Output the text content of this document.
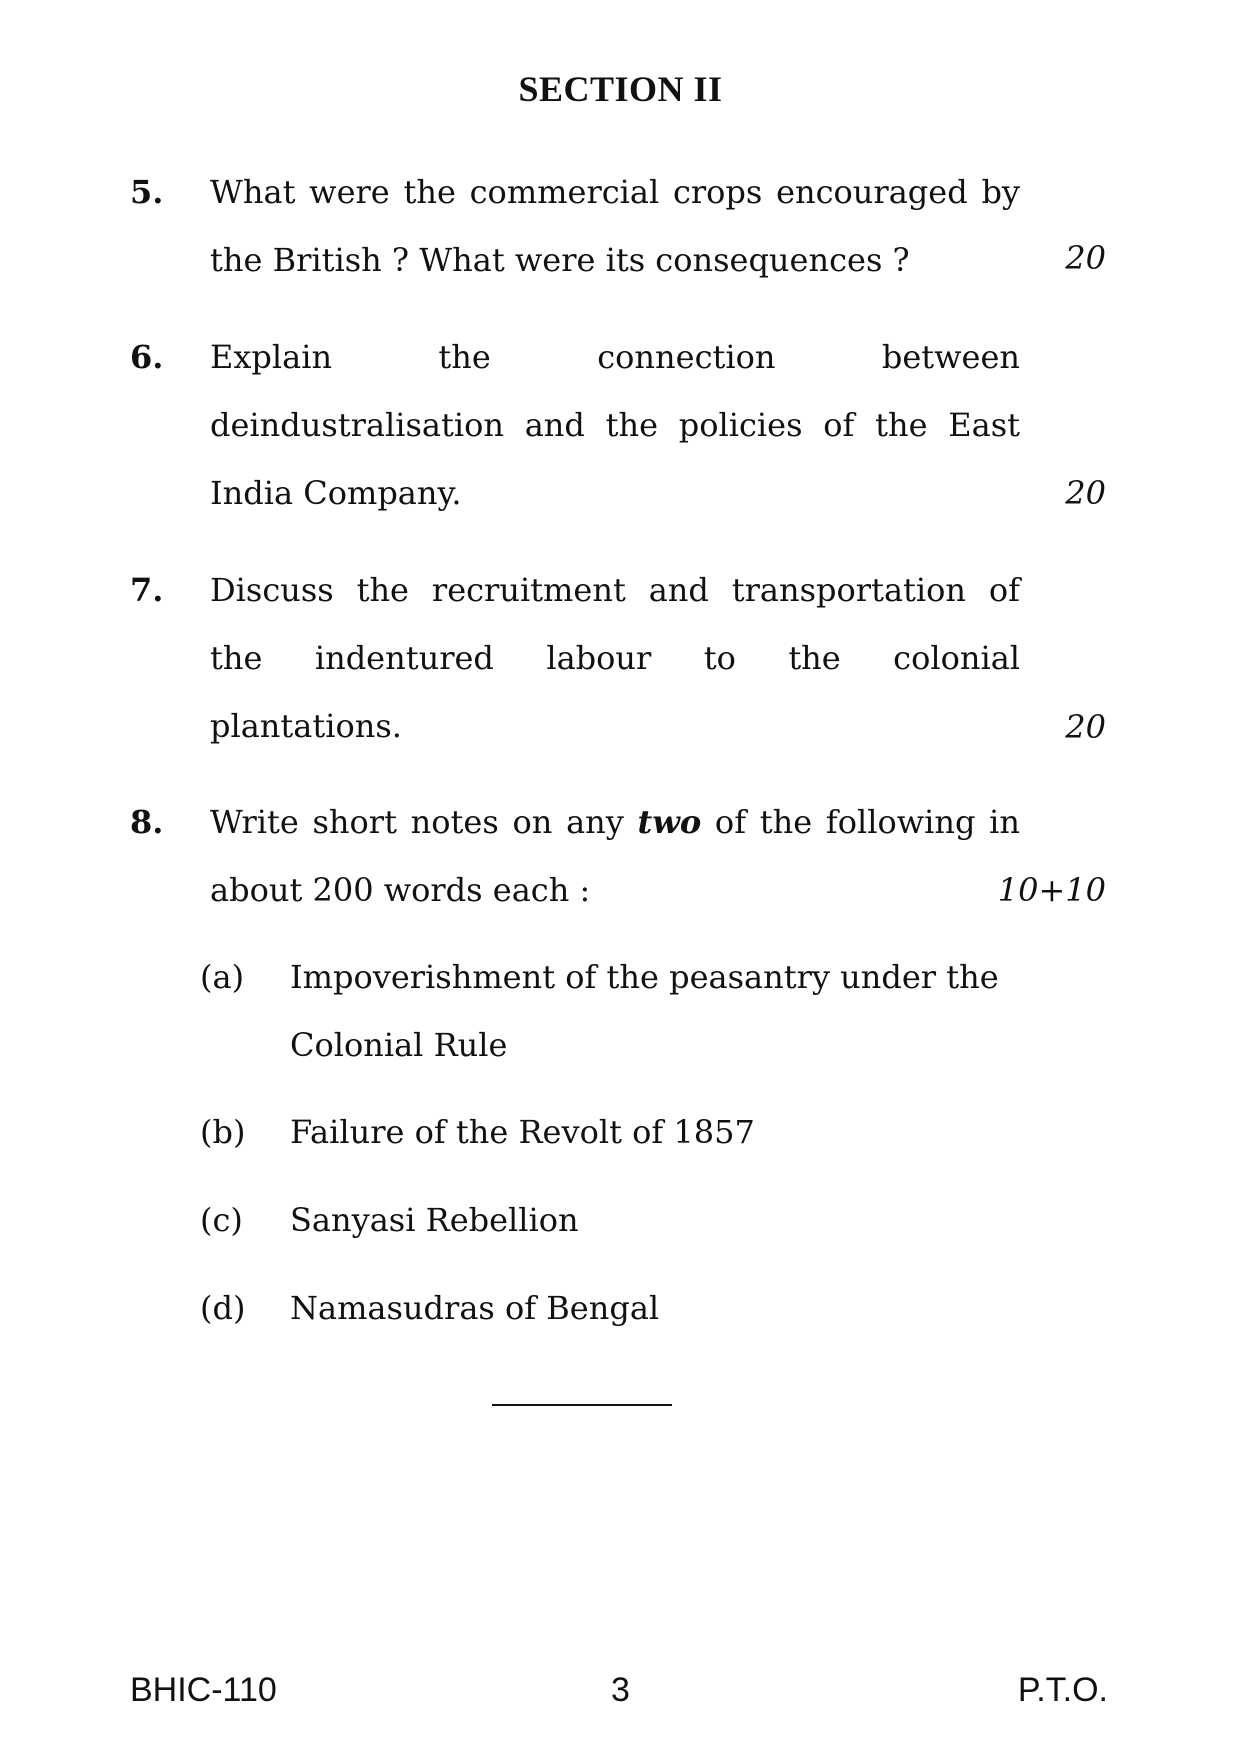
SECTION II
5. What were the commercial crops encouraged by
the British ? What were its consequences ?	20
6. Explain the connection between
deindustralisation and the policies of the East
India Company.	20
7. Discuss the recruitment and transportation of
the indentured labour to the colonial
plantations.	20
8. Write short notes on any two of the following in
about 200 words each :	10+10
(a) Impoverishment of the peasantry under the
Colonial Rule
(b) Failure of the Revolt of 1857
(c) Sanyasi Rebellion
(d) Namasudras of Bengal
BHIC-110	3	P.T.O.
